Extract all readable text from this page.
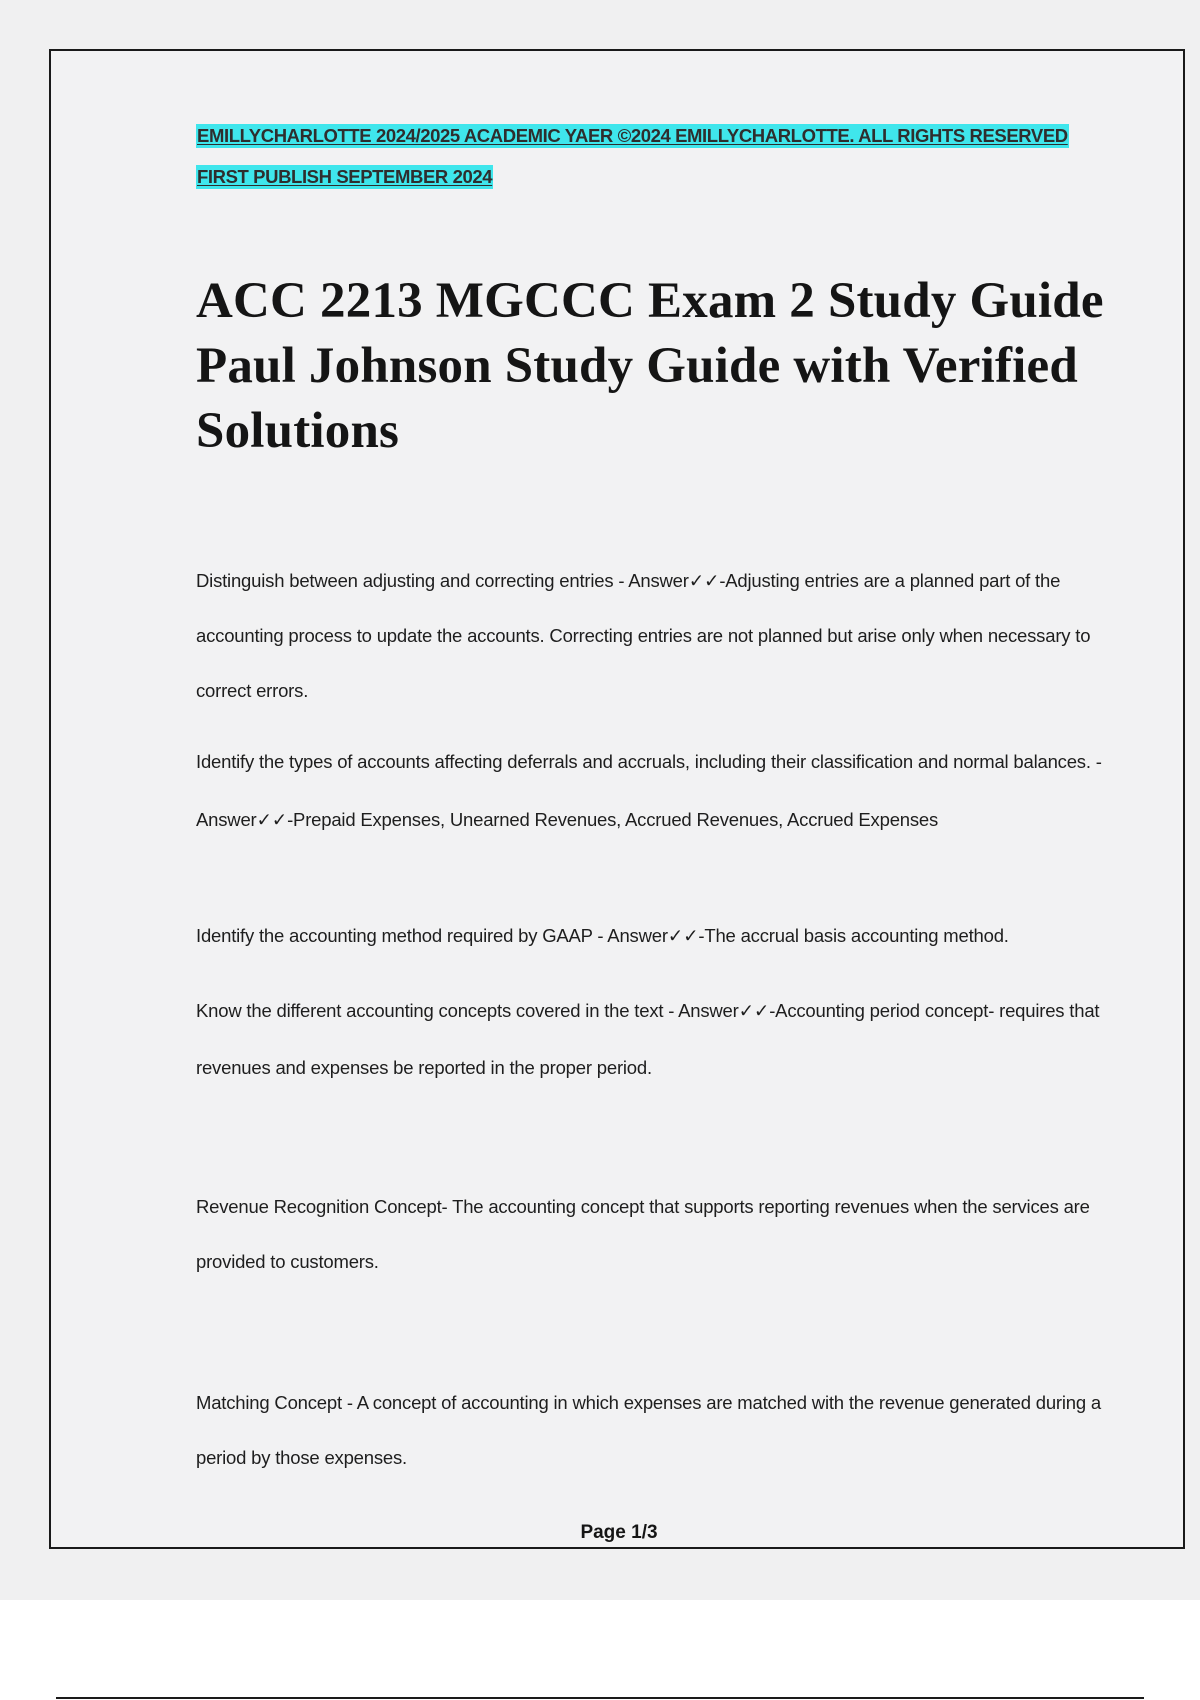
EMILLYCHARLOTTE 2024/2025 ACADEMIC YAER ©2024 EMILLYCHARLOTTE. ALL RIGHTS RESERVED
FIRST PUBLISH SEPTEMBER 2024
ACC 2213 MGCCC Exam 2 Study Guide Paul Johnson Study Guide with Verified Solutions

Distinguish between adjusting and correcting entries - Answer✓✓-Adjusting entries are a planned part of the accounting process to update the accounts. Correcting entries are not planned but arise only when necessary to correct errors.

Identify the types of accounts affecting deferrals and accruals, including their classification and normal balances. - Answer✓✓-Prepaid Expenses, Unearned Revenues, Accrued Revenues, Accrued Expenses

Identify the accounting method required by GAAP - Answer✓✓-The accrual basis accounting method.

Know the different accounting concepts covered in the text - Answer✓✓-Accounting period concept- requires that revenues and expenses be reported in the proper period.

Revenue Recognition Concept- The accounting concept that supports reporting revenues when the services are provided to customers.

Matching Concept - A concept of accounting in which expenses are matched with the revenue generated during a period by those expenses.

Page 1/3
